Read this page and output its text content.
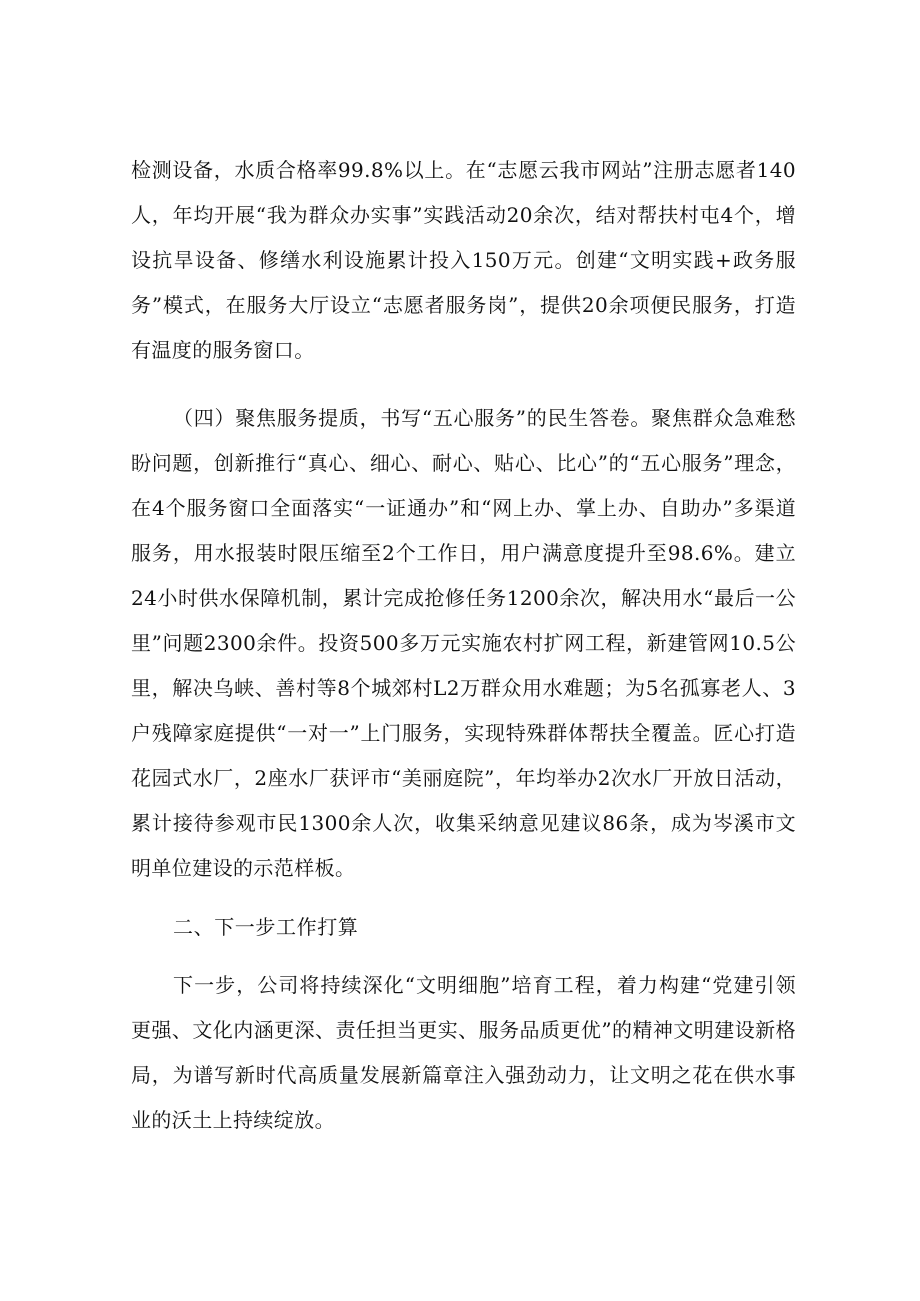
检测设备，水质合格率99.8%以上。在“志愿云我市网站”注册志愿者140人，年均开展“我为群众办实事”实践活动20余次，结对帮扶村屯4个，增设抗旱设备、修缮水利设施累计投入150万元。创建“文明实践+政务服务”模式，在服务大厅设立“志愿者服务岗”，提供20余项便民服务，打造有温度的服务窗口。

（四）聚焦服务提质，书写“五心服务”的民生答卷。聚焦群众急难愁盼问题，创新推行“真心、细心、耐心、贴心、比心”的“五心服务”理念，在4个服务窗口全面落实“一证通办”和“网上办、掌上办、自助办”多渠道服务，用水报装时限压缩至2个工作日，用户满意度提升至98.6%。建立24小时供水保障机制，累计完成抢修任务1200余次，解决用水“最后一公里”问题2300余件。投资500多万元实施农村扩网工程，新建管网10.5公里，解决乌峡、善村等8个城郊村L2万群众用水难题；为5名孤寡老人、3户残障家庭提供“一对一”上门服务，实现特殊群体帮扶全覆盖。匠心打造花园式水厂，2座水厂获评市“美丽庭院”，年均举办2次水厂开放日活动，累计接待参观市民1300余人次，收集采纳意见建议86条，成为岑溪市文明单位建设的示范样板。

二、下一步工作打算

下一步，公司将持续深化“文明细胞”培育工程，着力构建“党建引领更强、文化内涵更深、责任担当更实、服务品质更优”的精神文明建设新格局，为谱写新时代高质量发展新篇章注入强劲动力，让文明之花在供水事业的沃土上持续绽放。
